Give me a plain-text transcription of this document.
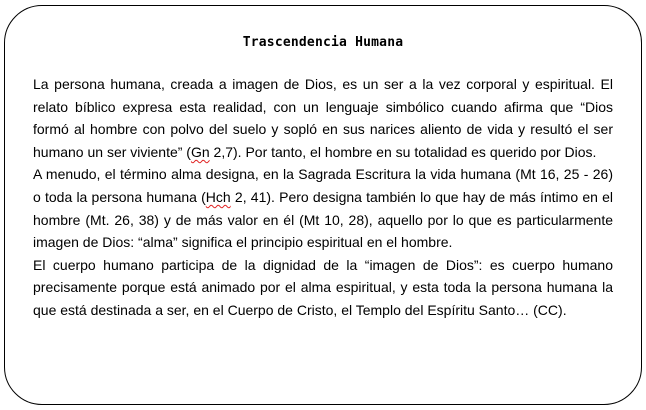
Trascendencia Humana

La persona humana, creada a imagen de Dios, es un ser a la vez corporal y espiritual. El relato bíblico expresa esta realidad, con un lenguaje simbólico cuando afirma que “Dios formó al hombre con polvo del suelo y sopló en sus narices aliento de vida y resultó el ser humano un ser viviente” (Gn 2,7). Por tanto, el hombre en su totalidad es querido por Dios.

A menudo, el término alma designa, en la Sagrada Escritura la vida humana (Mt 16, 25 - 26) o toda la persona humana (Hch 2, 41). Pero designa también lo que hay de más íntimo en el hombre (Mt. 26, 38) y de más valor en él (Mt 10, 28), aquello por lo que es particularmente imagen de Dios: “alma” significa el principio espiritual en el hombre.

El cuerpo humano participa de la dignidad de la “imagen de Dios”: es cuerpo humano precisamente porque está animado por el alma espiritual, y esta toda la persona humana la que está destinada a ser, en el Cuerpo de Cristo, el Templo del Espíritu Santo… (CC).
